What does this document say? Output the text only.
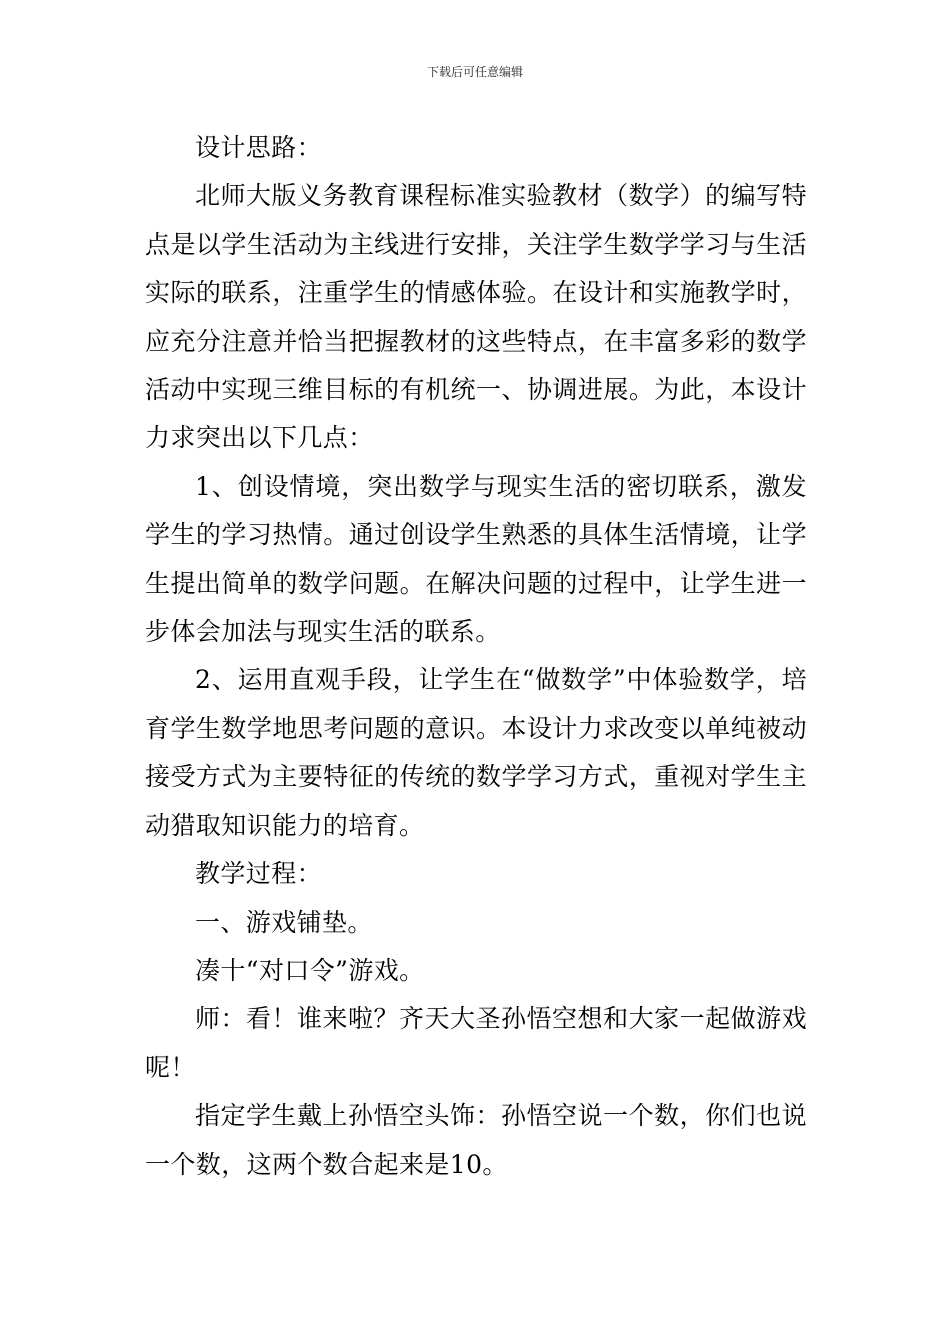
下载后可任意编辑

设计思路：

北师大版义务教育课程标准实验教材（数学）的编写特点是以学生活动为主线进行安排，关注学生数学学习与生活实际的联系，注重学生的情感体验。在设计和实施教学时，应充分注意并恰当把握教材的这些特点，在丰富多彩的数学活动中实现三维目标的有机统一、协调进展。为此，本设计力求突出以下几点：

1、创设情境，突出数学与现实生活的密切联系，激发学生的学习热情。通过创设学生熟悉的具体生活情境，让学生提出简单的数学问题。在解决问题的过程中，让学生进一步体会加法与现实生活的联系。

2、运用直观手段，让学生在“做数学”中体验数学，培育学生数学地思考问题的意识。本设计力求改变以单纯被动接受方式为主要特征的传统的数学学习方式，重视对学生主动猎取知识能力的培育。

教学过程：

一、游戏铺垫。

凑十“对口令”游戏。

师：看！谁来啦？齐天大圣孙悟空想和大家一起做游戏呢！

指定学生戴上孙悟空头饰：孙悟空说一个数，你们也说一个数，这两个数合起来是10。
